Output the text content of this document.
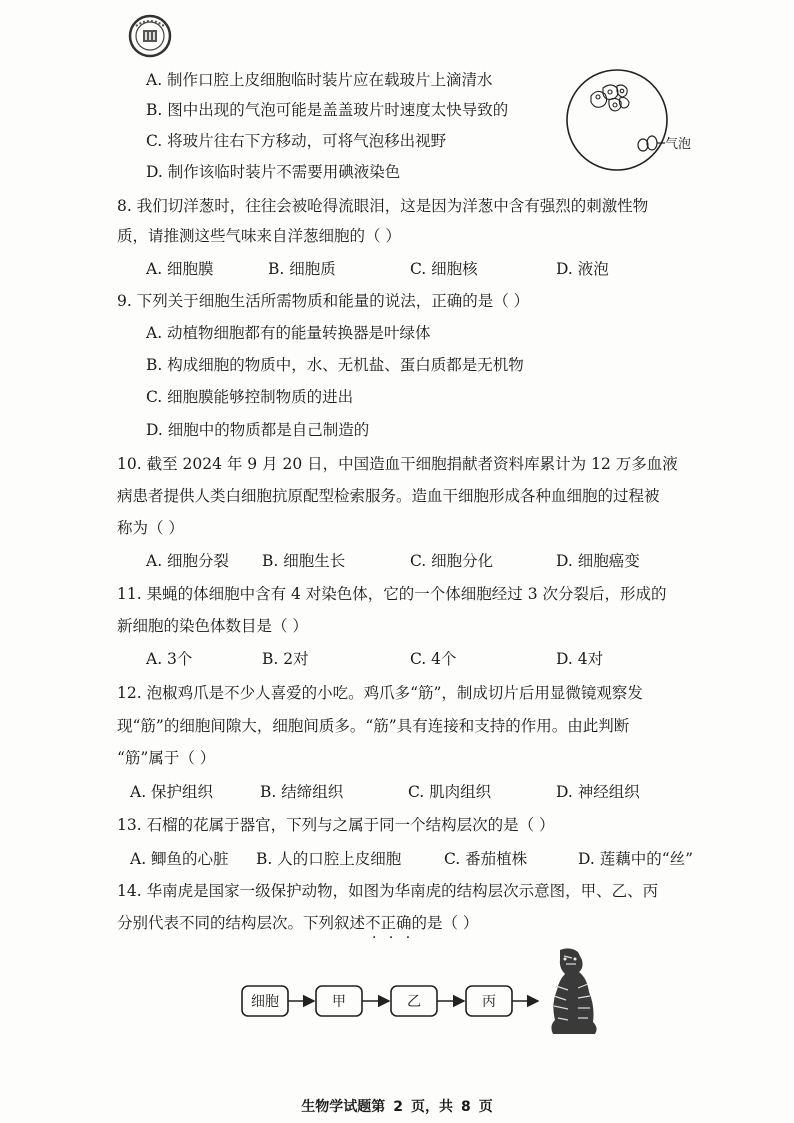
A. 制作口腔上皮细胞临时装片应在载玻片上滴清水
B. 图中出现的气泡可能是盖盖玻片时速度太快导致的
C. 将玻片往右下方移动，可将气泡移出视野
D. 制作该临时装片不需要用碘液染色
气泡
8. 我们切洋葱时，往往会被呛得流眼泪，这是因为洋葱中含有强烈的刺激性物
质，请推测这些气味来自洋葱细胞的（ ）
A. 细胞膜	B. 细胞质	C. 细胞核	D. 液泡
9. 下列关于细胞生活所需物质和能量的说法，正确的是（ ）
A. 动植物细胞都有的能量转换器是叶绿体
B. 构成细胞的物质中，水、无机盐、蛋白质都是无机物
C. 细胞膜能够控制物质的进出
D. 细胞中的物质都是自己制造的
10. 截至 2024 年 9 月 20 日，中国造血干细胞捐献者资料库累计为 12 万多血液
病患者提供人类白细胞抗原配型检索服务。造血干细胞形成各种血细胞的过程被
称为（ ）
A. 细胞分裂	B. 细胞生长	C. 细胞分化	D. 细胞癌变
11. 果蝇的体细胞中含有 4 对染色体，它的一个体细胞经过 3 次分裂后，形成的
新细胞的染色体数目是（ ）
A. 3个	B. 2对	C. 4个	D. 4对
12. 泡椒鸡爪是不少人喜爱的小吃。鸡爪多“筋”，制成切片后用显微镜观察发
现“筋”的细胞间隙大，细胞间质多。“筋”具有连接和支持的作用。由此判断
“筋”属于（ ）
A. 保护组织	B. 结缔组织	C. 肌肉组织	D. 神经组织
13. 石榴的花属于器官，下列与之属于同一个结构层次的是（ ）
A. 鲫鱼的心脏	B. 人的口腔上皮细胞	C. 番茄植株	D. 莲藕中的“丝”
14. 华南虎是国家一级保护动物，如图为华南虎的结构层次示意图，甲、乙、丙
分别代表不同的结构层次。下列叙述不正确的是（ ）
· · ·
细胞	甲	乙	丙
生物学试题第 2 页，共 8 页
